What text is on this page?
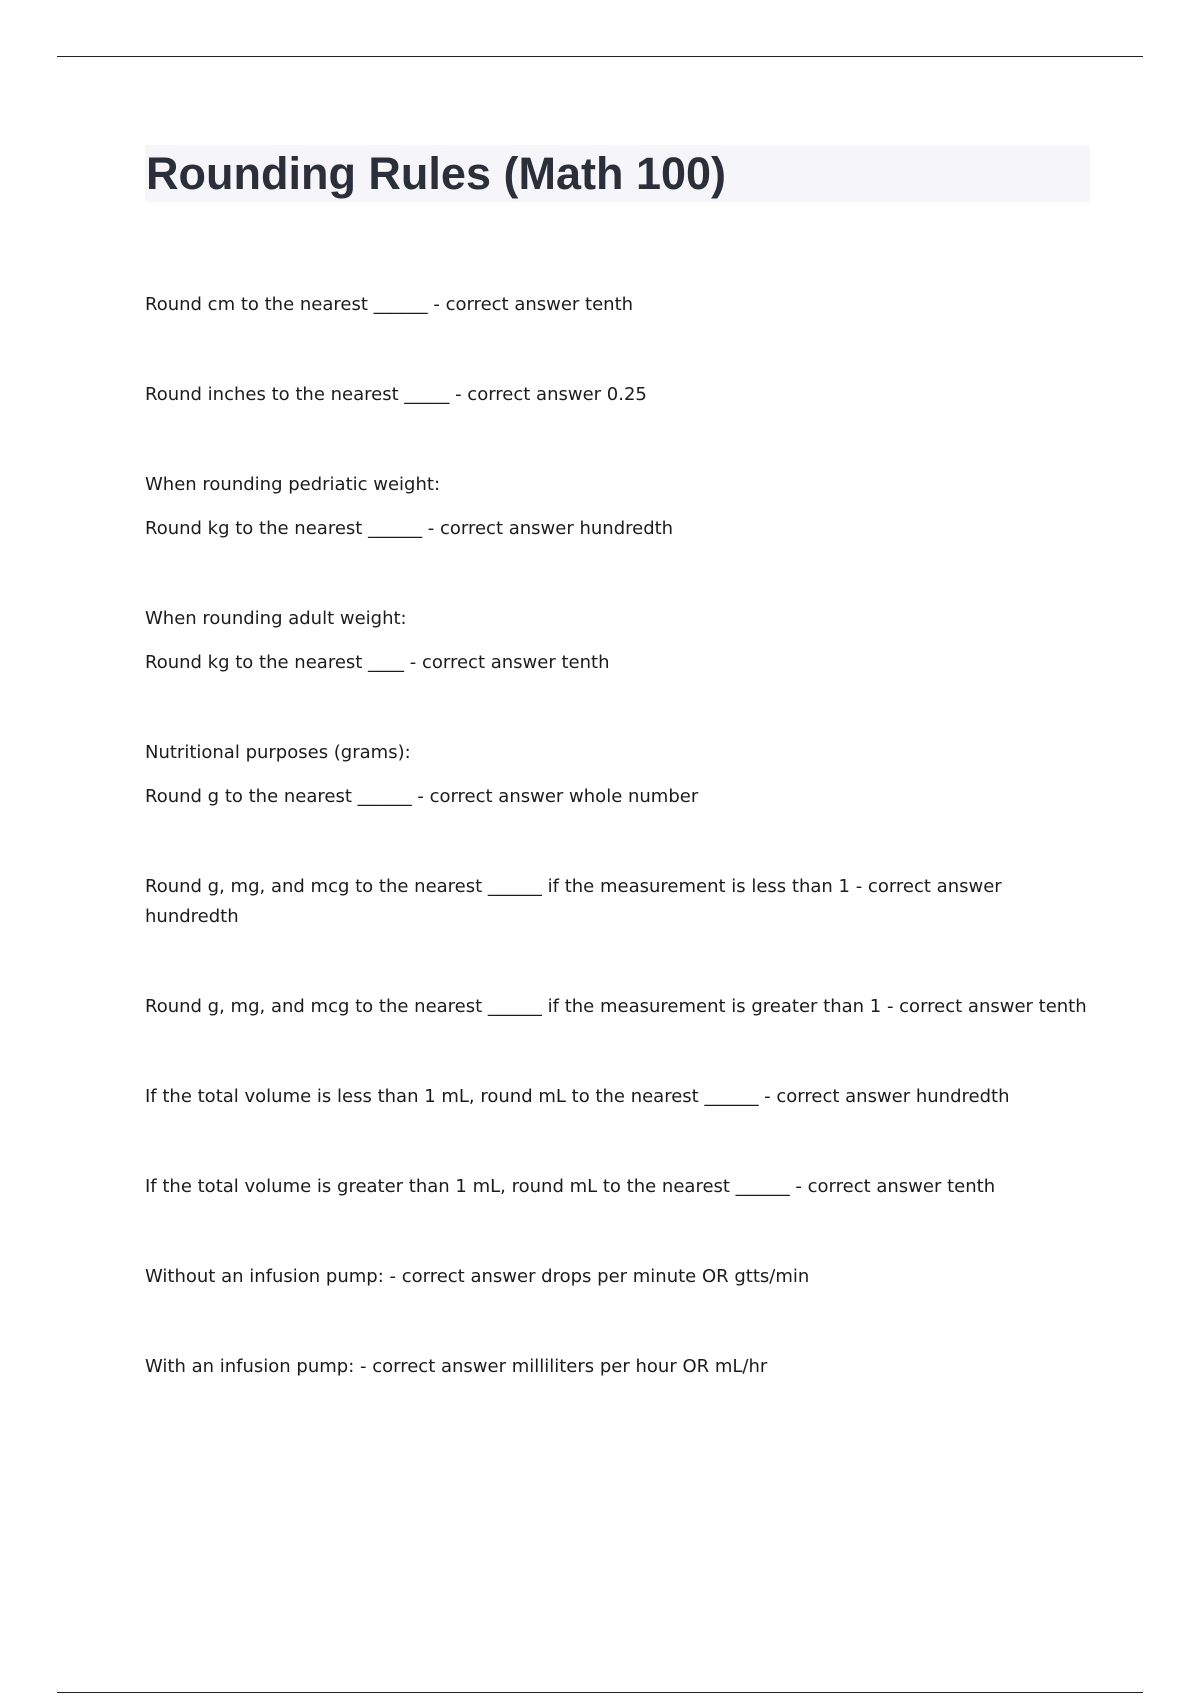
Rounding Rules (Math 100)
Round cm to the nearest ______ - correct answer tenth
Round inches to the nearest _____ - correct answer 0.25
When rounding pedriatic weight:
Round kg to the nearest ______ - correct answer hundredth
When rounding adult weight:
Round kg to the nearest ____ - correct answer tenth
Nutritional purposes (grams):
Round g to the nearest ______ - correct answer whole number
Round g, mg, and mcg to the nearest ______ if the measurement is less than 1 - correct answer hundredth
Round g, mg, and mcg to the nearest ______ if the measurement is greater than 1 - correct answer tenth
If the total volume is less than 1 mL, round mL to the nearest ______ - correct answer hundredth
If the total volume is greater than 1 mL, round mL to the nearest ______ - correct answer tenth
Without an infusion pump: - correct answer drops per minute OR gtts/min
With an infusion pump: - correct answer milliliters per hour OR mL/hr
